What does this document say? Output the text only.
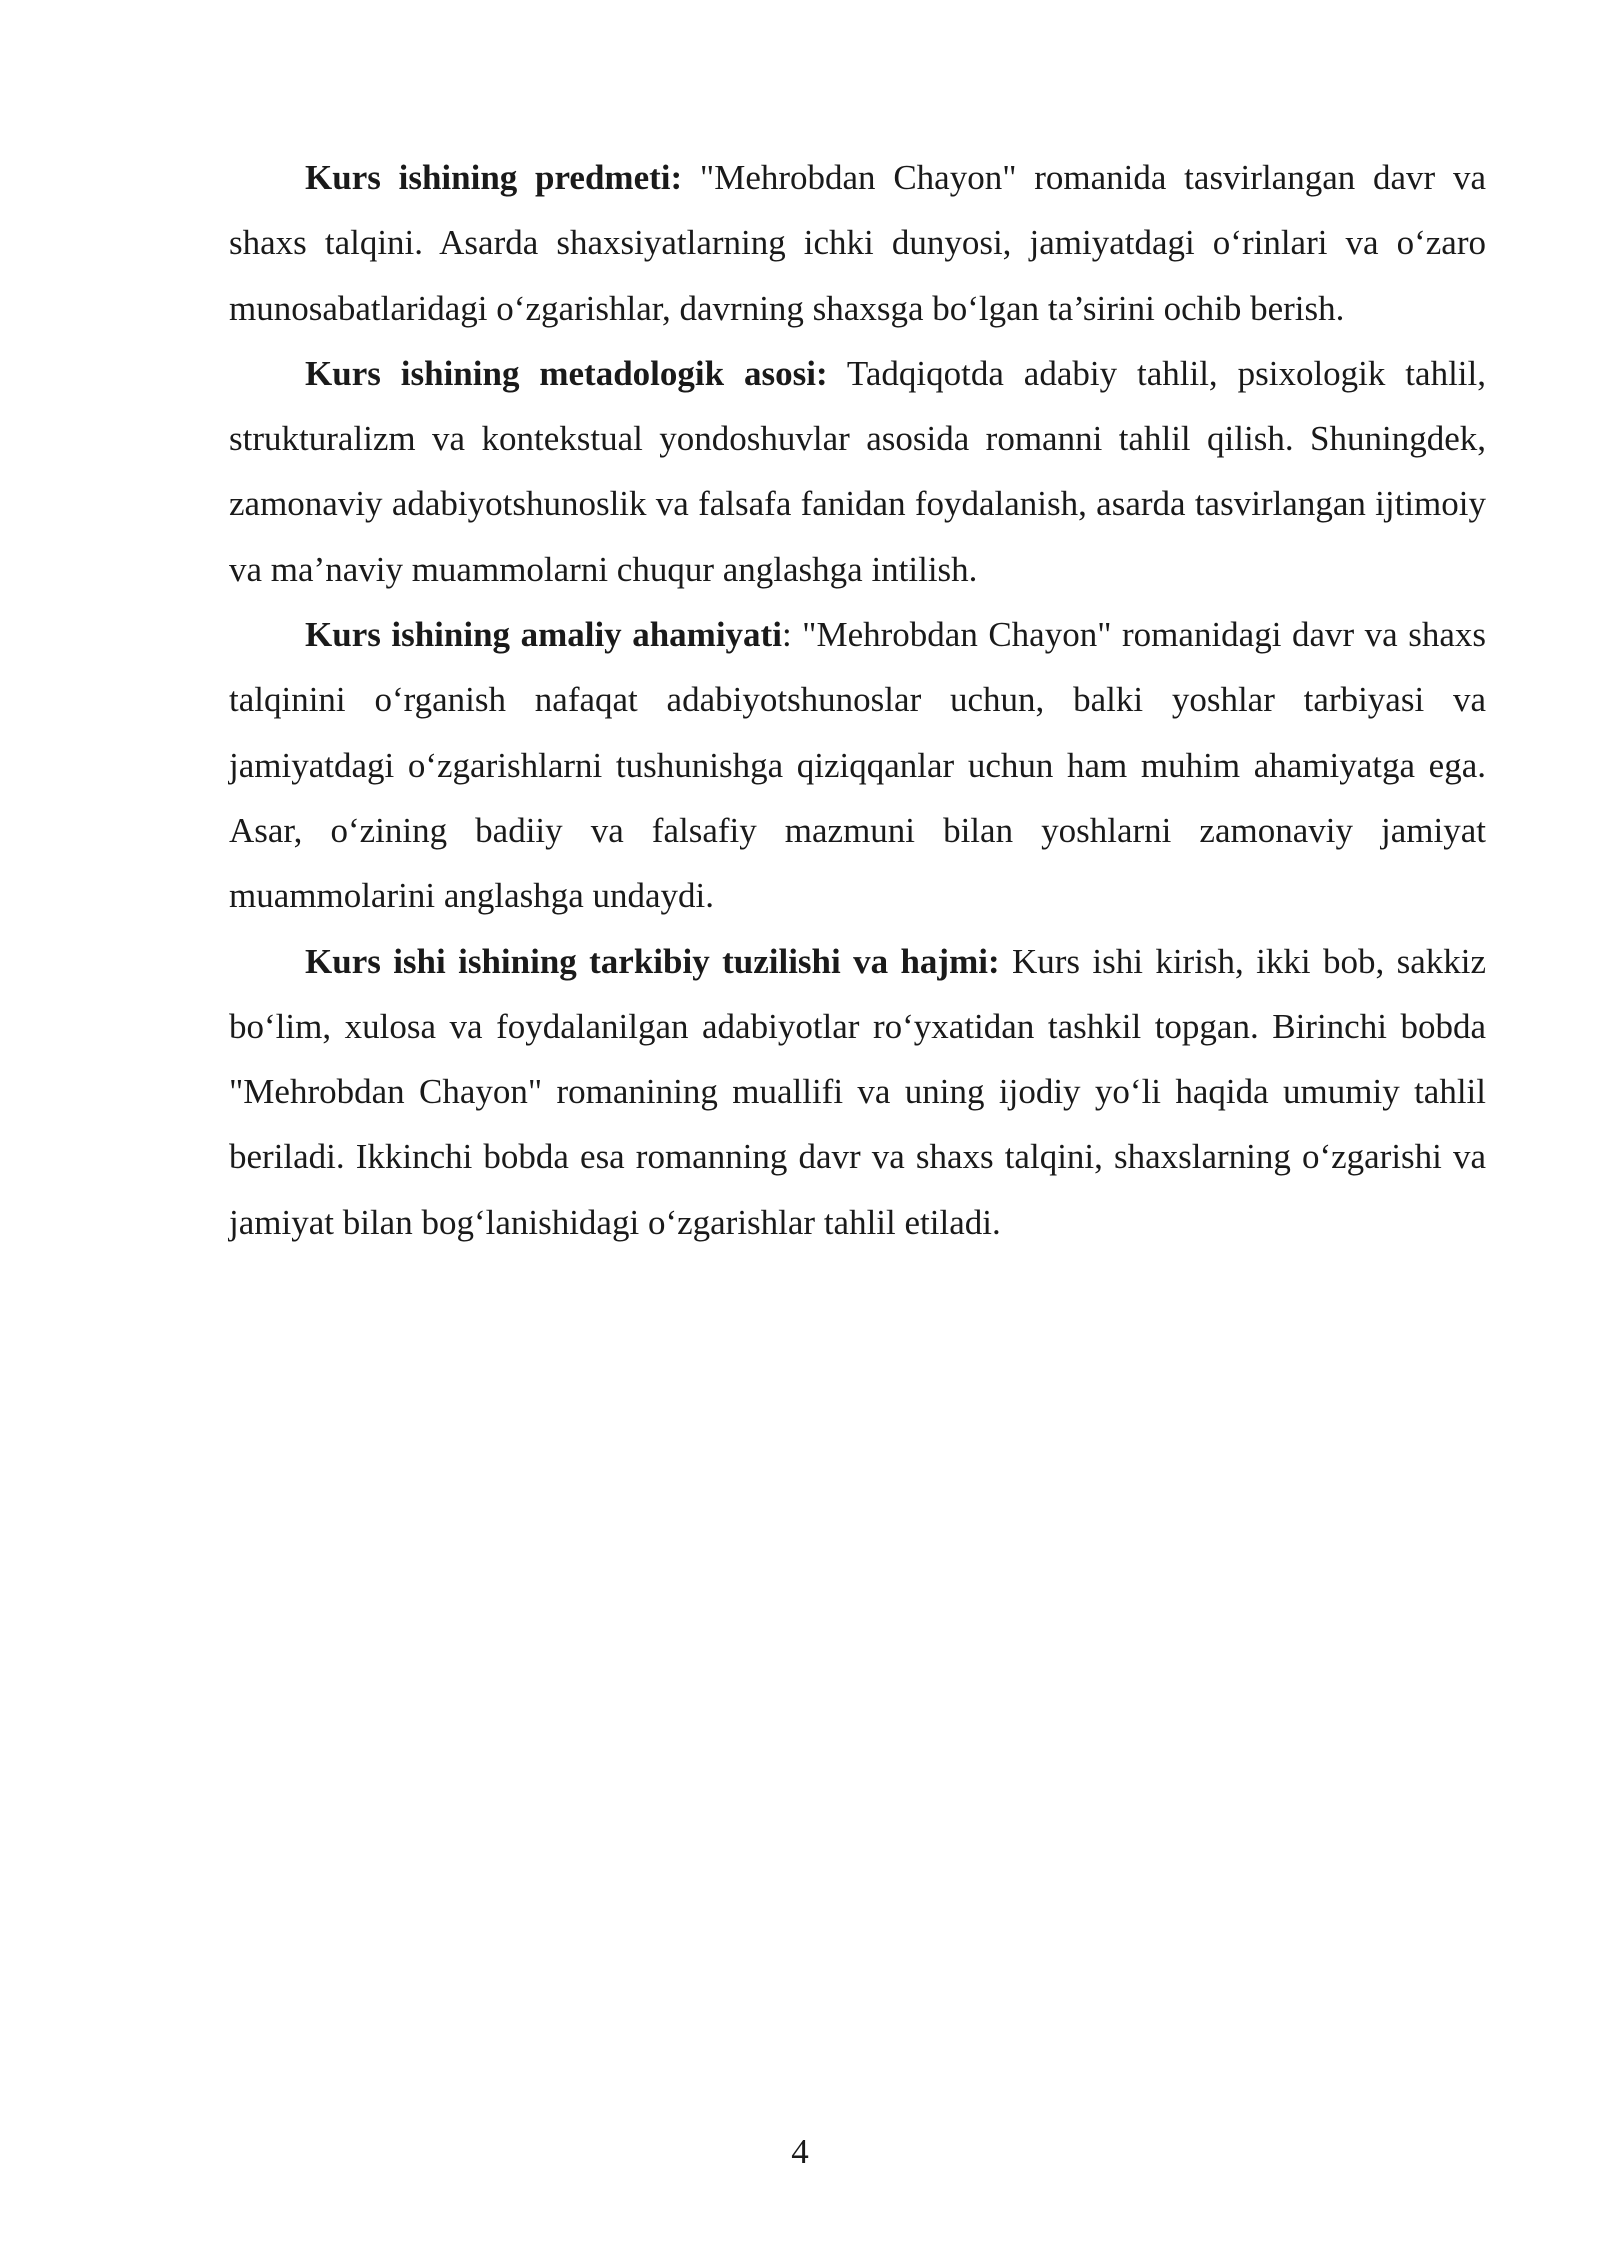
Kurs ishining predmeti: "Mehrobdan Chayon" romanida tasvirlangan davr va shaxs talqini. Asarda shaxsiyatlarning ichki dunyosi, jamiyatdagi o‘rinlari va o‘zaro munosabatlaridagi o‘zgarishlar, davrning shaxsga bo‘lgan ta’sirini ochib berish.

Kurs ishining metadologik asosi: Tadqiqotda adabiy tahlil, psixologik tahlil, strukturalizm va kontekstual yondoshuvlar asosida romanni tahlil qilish. Shuningdek, zamonaviy adabiyotshunoslik va falsafa fanidan foydalanish, asarda tasvirlangan ijtimoiy va ma’naviy muammolarni chuqur anglashga intilish.

Kurs ishining amaliy ahamiyati: "Mehrobdan Chayon" romanidagi davr va shaxs talqinini o‘rganish nafaqat adabiyotshunoslar uchun, balki yoshlar tarbiyasi va jamiyatdagi o‘zgarishlarni tushunishga qiziqqanlar uchun ham muhim ahamiyatga ega. Asar, o‘zining badiiy va falsafiy mazmuni bilan yoshlarni zamonaviy jamiyat muammolarini anglashga undaydi.

Kurs ishi ishining tarkibiy tuzilishi va hajmi: Kurs ishi kirish, ikki bob, sakkiz bo‘lim, xulosa va foydalanilgan adabiyotlar ro‘yxatidan tashkil topgan. Birinchi bobda "Mehrobdan Chayon" romanining muallifi va uning ijodiy yo‘li haqida umumiy tahlil beriladi. Ikkinchi bobda esa romanning davr va shaxs talqini, shaxslarning o‘zgarishi va jamiyat bilan bog‘lanishidagi o‘zgarishlar tahlil etiladi.

4
